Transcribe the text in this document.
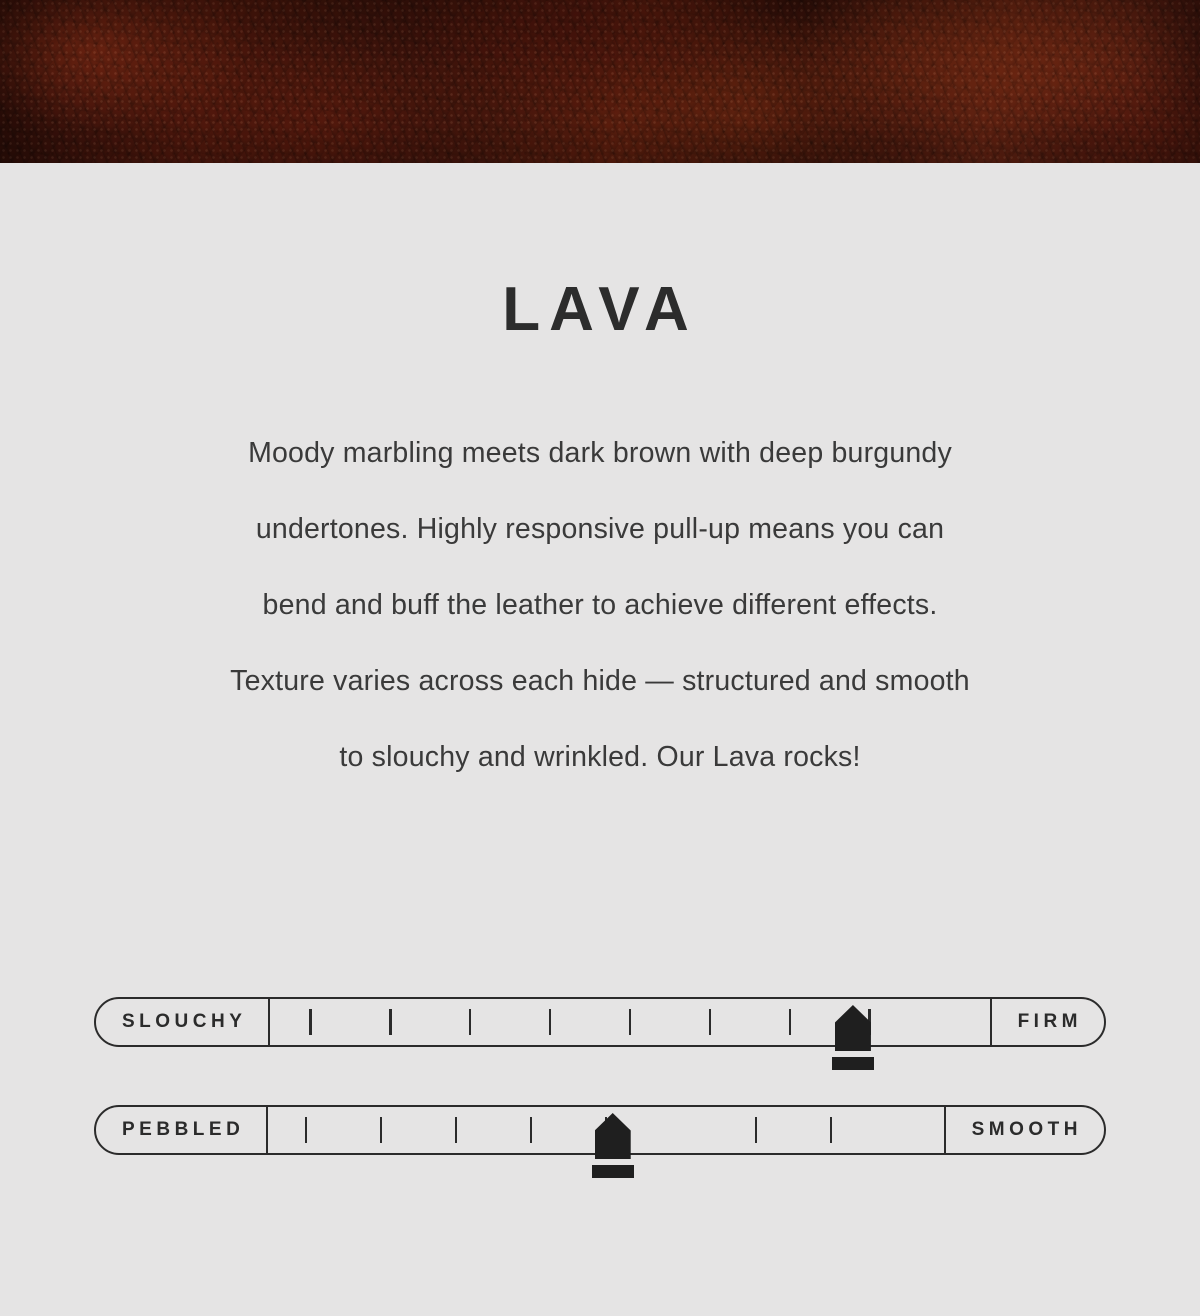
LAVA

Moody marbling meets dark brown with deep burgundy

undertones. Highly responsive pull-up means you can

bend and buff the leather to achieve different effects.

Texture varies across each hide — structured and smooth

to slouchy and wrinkled. Our Lava rocks!

SLOUCHY	FIRM
PEBBLED	SMOOTH
